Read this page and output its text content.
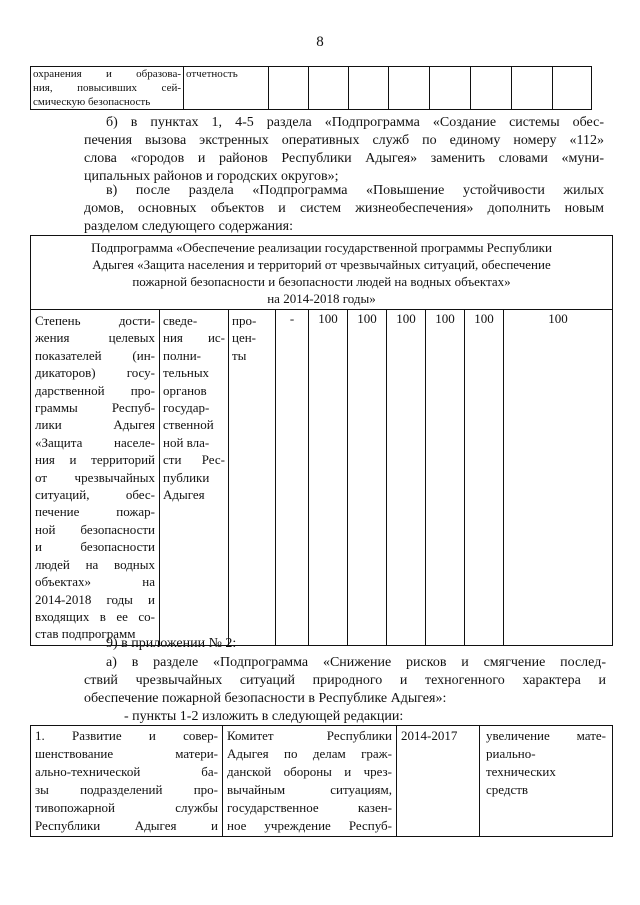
8
охранения и образова-
ния, повысивших сей-
смическую безопасность
	отчетность								
б) в пунктах 1, 4-5 раздела «Подпрограмма «Создание системы обес-
печения вызова экстренных оперативных служб по единому номеру «112»
слова «городов и районов Республики Адыгея» заменить словами «муни-
ципальных районов и городских округов»;
в) после раздела «Подпрограмма «Повышение устойчивости жилых
домов, основных объектов и систем жизнеобеспечения» дополнить новым
разделом следующего содержания:
Подпрограмма «Обеспечение реализации государственной программы Республики
Адыгея «Защита населения и территорий от чрезвычайных ситуаций, обеспечение
пожарной безопасности и безопасности людей на водных объектах»
на 2014-2018 годы»

Степень дости-
жения целевых
показателей (ин-
дикаторов) госу-
дарственной про-
граммы Респуб-
лики Адыгея
«Защита населе-
ния и территорий
от чрезвычайных
ситуаций, обес-
печение пожар-
ной безопасности
и безопасности
людей на водных
объектах» на
2014-2018 годы и
входящих в ее со-
став подпрограмм

сведе-
ния ис-
полни-
тельных
органов
государ-
ственной
ной вла-
сти Рес-
публики
Адыгея

про-
цен-
ты
	-	100	100	100	100	100	100
9) в приложении № 2:
а) в разделе «Подпрограмма «Снижение рисков и смягчение послед-
ствий чрезвычайных ситуаций природного и техногенного характера и
обеспечение пожарной безопасности в Республике Адыгея»:
- пункты 1-2 изложить в следующей редакции:
1. Развитие и совер-
шенствование матери-
ально-технической ба-
зы подразделений про-
тивопожарной службы
Республики Адыгея и

Комитет Республики
Адыгея по делам граж-
данской обороны и чрез-
вычайным ситуациям,
государственное казен-
ное учреждение Респуб-
	2014-2017	увеличение мате-
риально-
технических
средств
